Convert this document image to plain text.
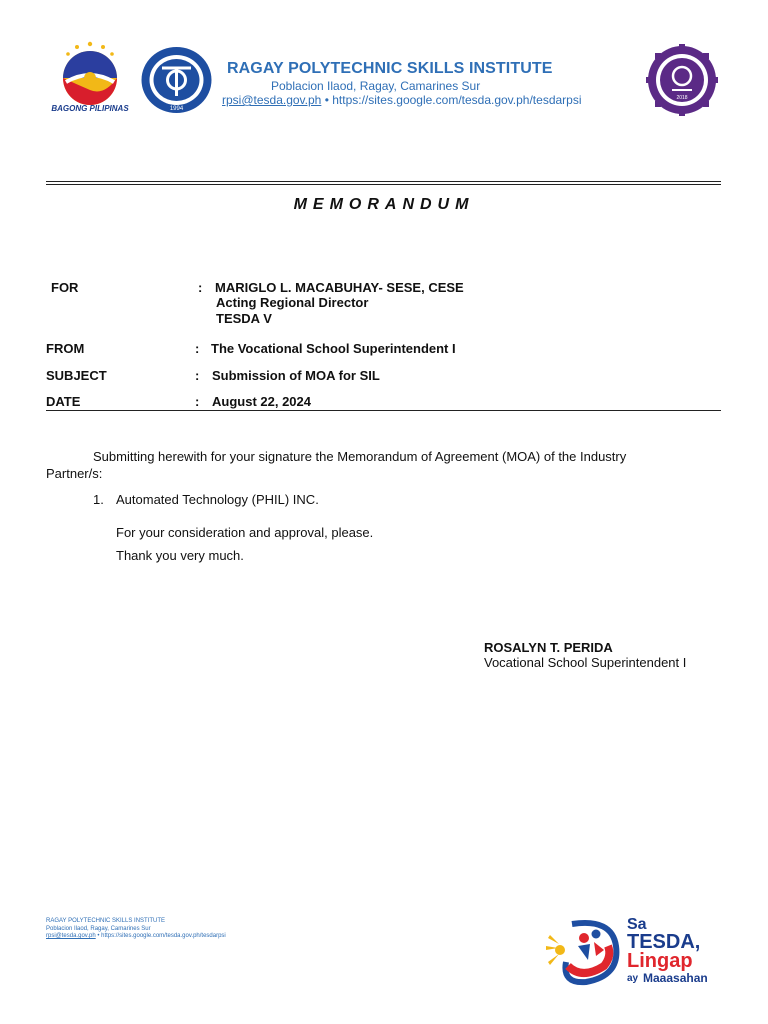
BAGONG PILIPINAS	1994
2018
RAGAY POLYTECHNIC SKILLS INSTITUTE
Poblacion Ilaod, Ragay, Camarines Sur
rpsi@tesda.gov.ph • https://sites.google.com/tesda.gov.ph/tesdarpsi
MEMORANDUM
FOR	: MARIGLO L. MACABUHAY- SESE, CESE
Acting Regional Director
TESDA V
FROM	: The Vocational School Superintendent I
SUBJECT	: Submission of MOA for SIL
DATE	: August 22, 2024
Submitting herewith for your signature the Memorandum of Agreement (MOA) of the Industry
Partner/s:
1. Automated Technology (PHIL) INC.
For your consideration and approval, please.
Thank you very much.
ROSALYN T. PERIDA
Vocational School Superintendent I
RAGAY POLYTECHNIC SKILLS INSTITUTE
Poblacion Ilaod, Ragay, Camarines Sur
rpsi@tesda.gov.ph • https://sites.google.com/tesda.gov.ph/tesdarpsi
Sa
TESDA,
Lingap
ay Maaasahan
